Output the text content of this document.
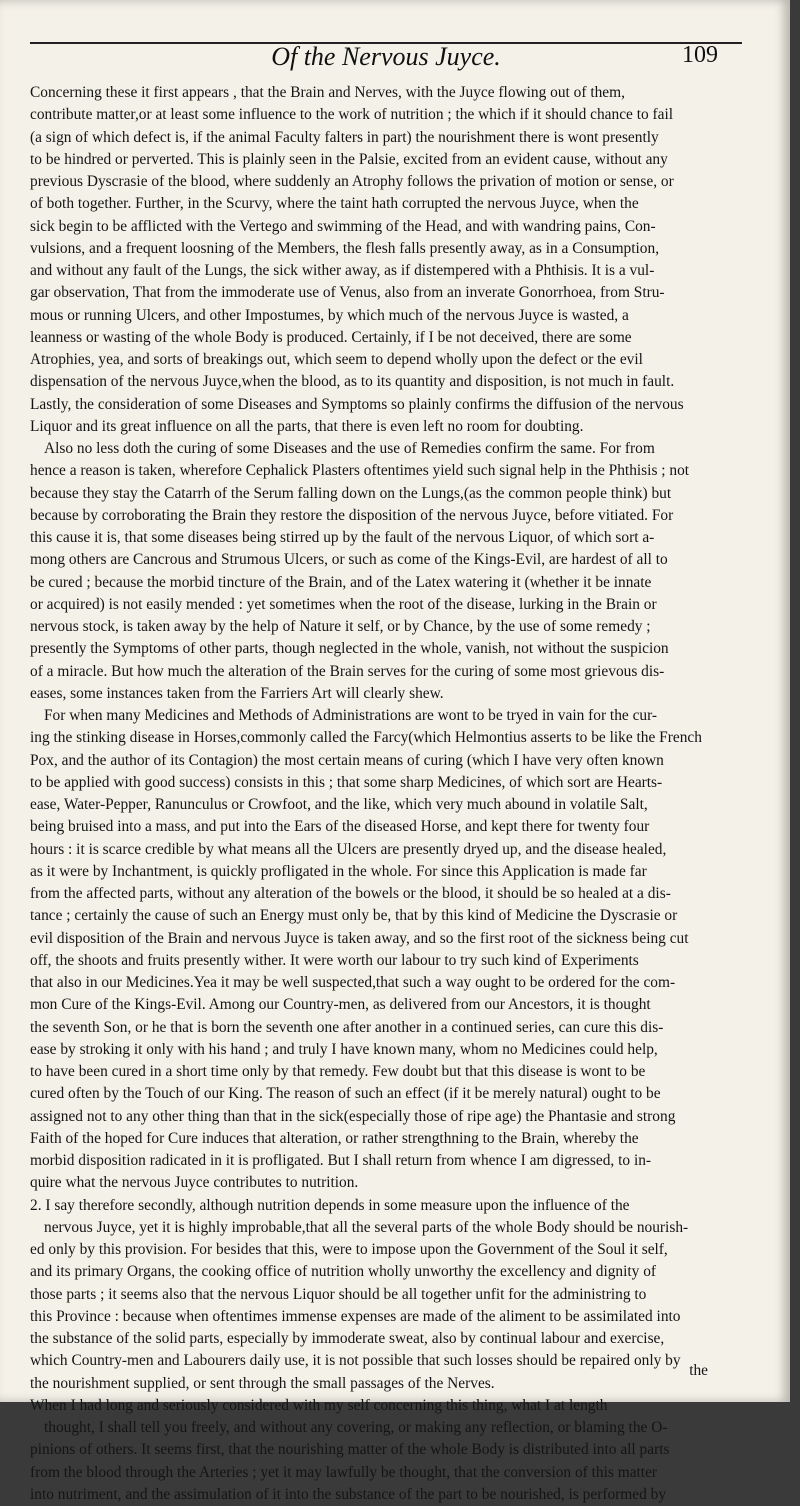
Of the Nervous Juyce.	109
Concerning these it first appears , that the Brain and Nerves, with the Juyce flowing out of them,
contribute matter,or at least some influence to the work of nutrition ; the which if it should chance to fail
(a sign of which defect is, if the animal Faculty falters in part) the nourishment there is wont presently
to be hindred or perverted. This is plainly seen in the Palsie, excited from an evident cause, without any
previous Dyscrasie of the blood, where suddenly an Atrophy follows the privation of motion or sense, or
of both together. Further, in the Scurvy, where the taint hath corrupted the nervous Juyce, when the
sick begin to be afflicted with the Vertego and swimming of the Head, and with wandring pains, Con-
vulsions, and a frequent loosning of the Members, the flesh falls presently away, as in a Consumption,
and without any fault of the Lungs, the sick wither away, as if distempered with a Phthisis. It is a vul-
gar observation, That from the immoderate use of Venus, also from an inverate Gonorrhoea, from Stru-
mous or running Ulcers, and other Impostumes, by which much of the nervous Juyce is wasted, a
leanness or wasting of the whole Body is produced. Certainly, if I be not deceived, there are some
Atrophies, yea, and sorts of breakings out, which seem to depend wholly upon the defect or the evil
dispensation of the nervous Juyce,when the blood, as to its quantity and disposition, is not much in fault.
Lastly, the consideration of some Diseases and Symptoms so plainly confirms the diffusion of the nervous
Liquor and its great influence on all the parts, that there is even left no room for doubting.
Also no less doth the curing of some Diseases and the use of Remedies confirm the same. For from
hence a reason is taken, wherefore Cephalick Plasters oftentimes yield such signal help in the Phthisis ; not
because they stay the Catarrh of the Serum falling down on the Lungs,(as the common people think) but
because by corroborating the Brain they restore the disposition of the nervous Juyce, before vitiated. For
this cause it is, that some diseases being stirred up by the fault of the nervous Liquor, of which sort a-
mong others are Cancrous and Strumous Ulcers, or such as come of the Kings-Evil, are hardest of all to
be cured ; because the morbid tincture of the Brain, and of the Latex watering it (whether it be innate
or acquired) is not easily mended : yet sometimes when the root of the disease, lurking in the Brain or
nervous stock, is taken away by the help of Nature it self, or by Chance, by the use of some remedy ;
presently the Symptoms of other parts, though neglected in the whole, vanish, not without the suspicion
of a miracle. But how much the alteration of the Brain serves for the curing of some most grievous dis-
eases, some instances taken from the Farriers Art will clearly shew.
For when many Medicines and Methods of Administrations are wont to be tryed in vain for the cur-
ing the stinking disease in Horses,commonly called the Farcy(which Helmontius asserts to be like the French
Pox, and the author of its Contagion) the most certain means of curing (which I have very often known
to be applied with good success) consists in this ; that some sharp Medicines, of which sort are Hearts-
ease, Water-Pepper, Ranunculus or Crowfoot, and the like, which very much abound in volatile Salt,
being bruised into a mass, and put into the Ears of the diseased Horse, and kept there for twenty four
hours : it is scarce credible by what means all the Ulcers are presently dryed up, and the disease healed,
as it were by Inchantment, is quickly profligated in the whole. For since this Application is made far
from the affected parts, without any alteration of the bowels or the blood, it should be so healed at a dis-
tance ; certainly the cause of such an Energy must only be, that by this kind of Medicine the Dyscrasie or
evil disposition of the Brain and nervous Juyce is taken away, and so the first root of the sickness being cut
off, the shoots and fruits presently wither. It were worth our labour to try such kind of Experiments
that also in our Medicines.Yea it may be well suspected,that such a way ought to be ordered for the com-
mon Cure of the Kings-Evil. Among our Country-men, as delivered from our Ancestors, it is thought
the seventh Son, or he that is born the seventh one after another in a continued series, can cure this dis-
ease by stroking it only with his hand ; and truly I have known many, whom no Medicines could help,
to have been cured in a short time only by that remedy. Few doubt but that this disease is wont to be
cured often by the Touch of our King. The reason of such an effect (if it be merely natural) ought to be
assigned not to any other thing than that in the sick(especially those of ripe age) the Phantasie and strong
Faith of the hoped for Cure induces that alteration, or rather strengthning to the Brain, whereby the
morbid disposition radicated in it is profligated. But I shall return from whence I am digressed, to in-
quire what the nervous Juyce contributes to nutrition.
2. I say therefore secondly, although nutrition depends in some measure upon the influence of the
nervous Juyce, yet it is highly improbable,that all the several parts of the whole Body should be nourish-
ed only by this provision. For besides that this, were to impose upon the Government of the Soul it self,
and its primary Organs, the cooking office of nutrition wholly unworthy the excellency and dignity of
those parts ; it seems also that the nervous Liquor should be all together unfit for the administring to
this Province : because when oftentimes immense expenses are made of the aliment to be assimilated into
the substance of the solid parts, especially by immoderate sweat, also by continual labour and exercise,
which Country-men and Labourers daily use, it is not possible that such losses should be repaired only by
the nourishment supplied, or sent through the small passages of the Nerves.
When I had long and seriously considered with my self concerning this thing, what I at length
thought, I shall tell you freely, and without any covering, or making any reflection, or blaming the O-
pinions of others. It seems first, that the nourishing matter of the whole Body is distributed into all parts
from the blood through the Arteries ; yet it may lawfully be thought, that the conversion of this matter
into nutriment, and the assimulation of it into the substance of the part to be nourished, is performed by
the
